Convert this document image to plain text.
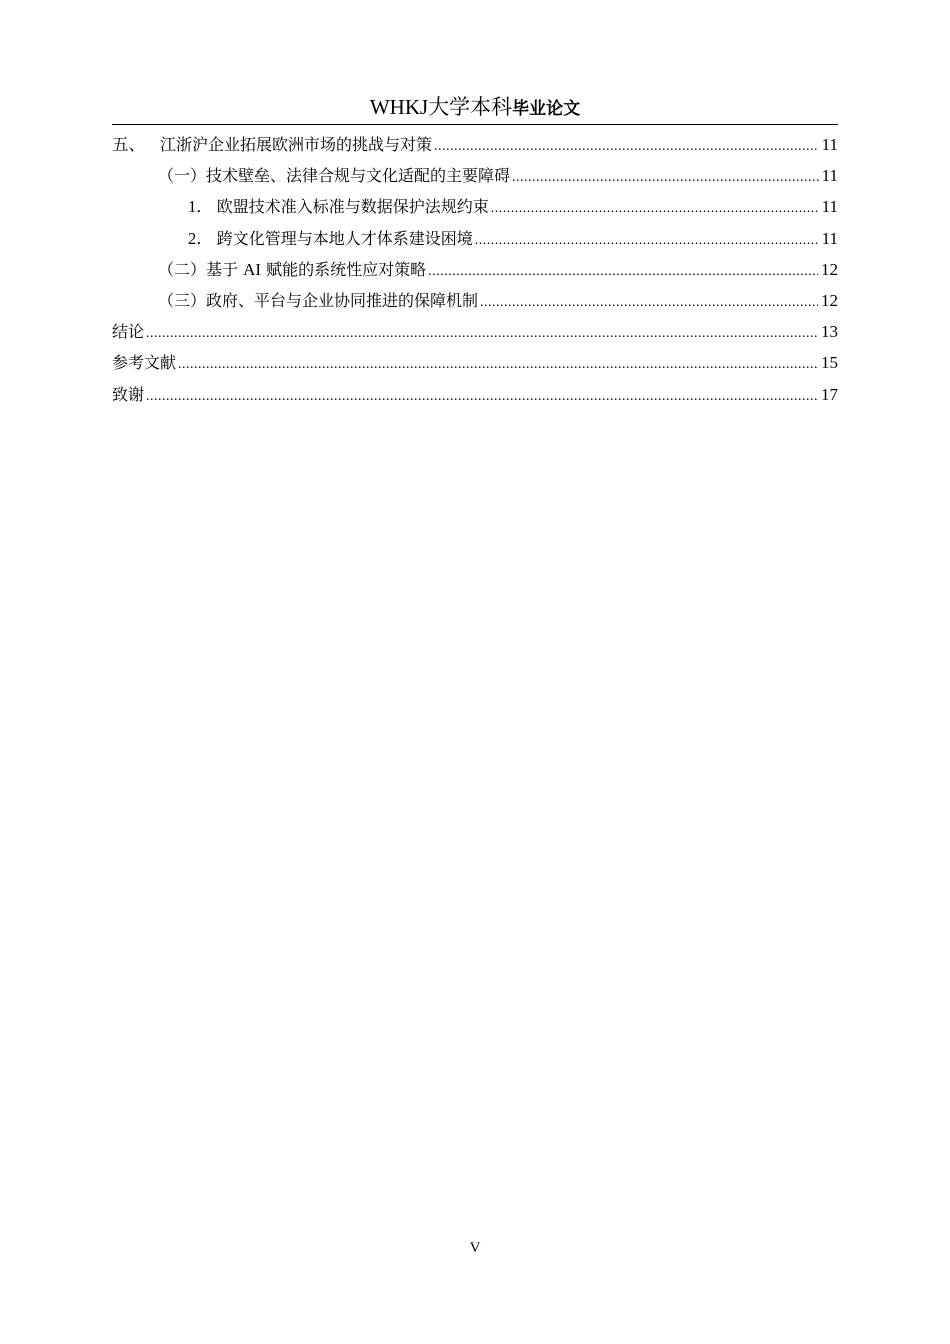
WHKJ大学本科毕业论文
五、 江浙沪企业拓展欧洲市场的挑战与对策 .....	11
（一）技术壁垒、法律合规与文化适配的主要障碍 .....	11
1． 欧盟技术准入标准与数据保护法规约束 .....	11
2． 跨文化管理与本地人才体系建设困境 .....	11
（二）基于 AI 赋能的系统性应对策略 .....	12
（三）政府、平台与企业协同推进的保障机制 .....	12
结论 .....	13
参考文献 .....	15
致谢 .....	17
V
